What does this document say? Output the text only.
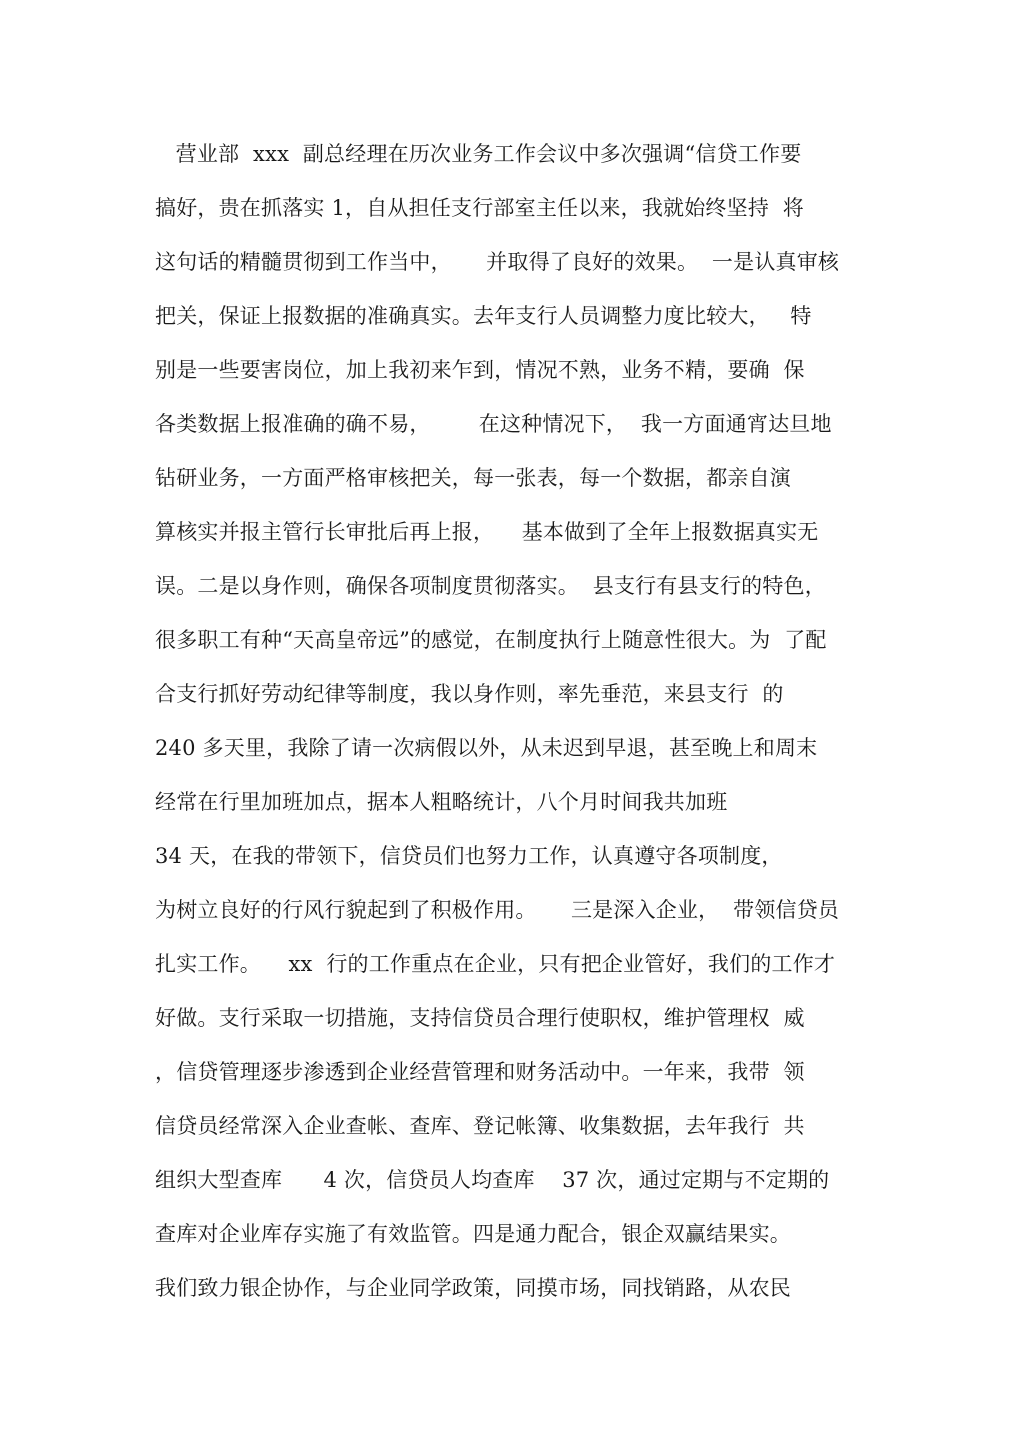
营业部  xxx  副总经理在历次业务工作会议中多次强调“信贷工作要
搞好，贵在抓落实 1，自从担任支行部室主任以来，我就始终坚持  将
这句话的精髓贯彻到工作当中，     并取得了良好的效果。  一是认真审核
把关，保证上报数据的准确真实。去年支行人员调整力度比较大，   特
别是一些要害岗位，加上我初来乍到，情况不熟，业务不精，要确  保
各类数据上报准确的确不易，       在这种情况下，  我一方面通宵达旦地
钻研业务，一方面严格审核把关，每一张表，每一个数据，都亲自演
算核实并报主管行长审批后再上报，    基本做到了全年上报数据真实无
误。二是以身作则，确保各项制度贯彻落实。  县支行有县支行的特色，
很多职工有种“天高皇帝远”的感觉，在制度执行上随意性很大。为  了配
合支行抓好劳动纪律等制度，我以身作则，率先垂范，来县支行  的
240 多天里，我除了请一次病假以外，从未迟到早退，甚至晚上和周末
经常在行里加班加点，据本人粗略统计，八个月时间我共加班
34 天，在我的带领下，信贷员们也努力工作，认真遵守各项制度，
为树立良好的行风行貌起到了积极作用。     三是深入企业，  带领信贷员
扎实工作。    xx  行的工作重点在企业，只有把企业管好，我们的工作才
好做。支行采取一切措施，支持信贷员合理行使职权，维护管理权  威
，信贷管理逐步渗透到企业经营管理和财务活动中。一年来，我带  领
信贷员经常深入企业查帐、查库、登记帐簿、收集数据，去年我行  共
组织大型查库      4 次，信贷员人均查库    37 次，通过定期与不定期的
查库对企业库存实施了有效监管。四是通力配合，银企双赢结果实。
我们致力银企协作，与企业同学政策，同摸市场，同找销路，从农民
